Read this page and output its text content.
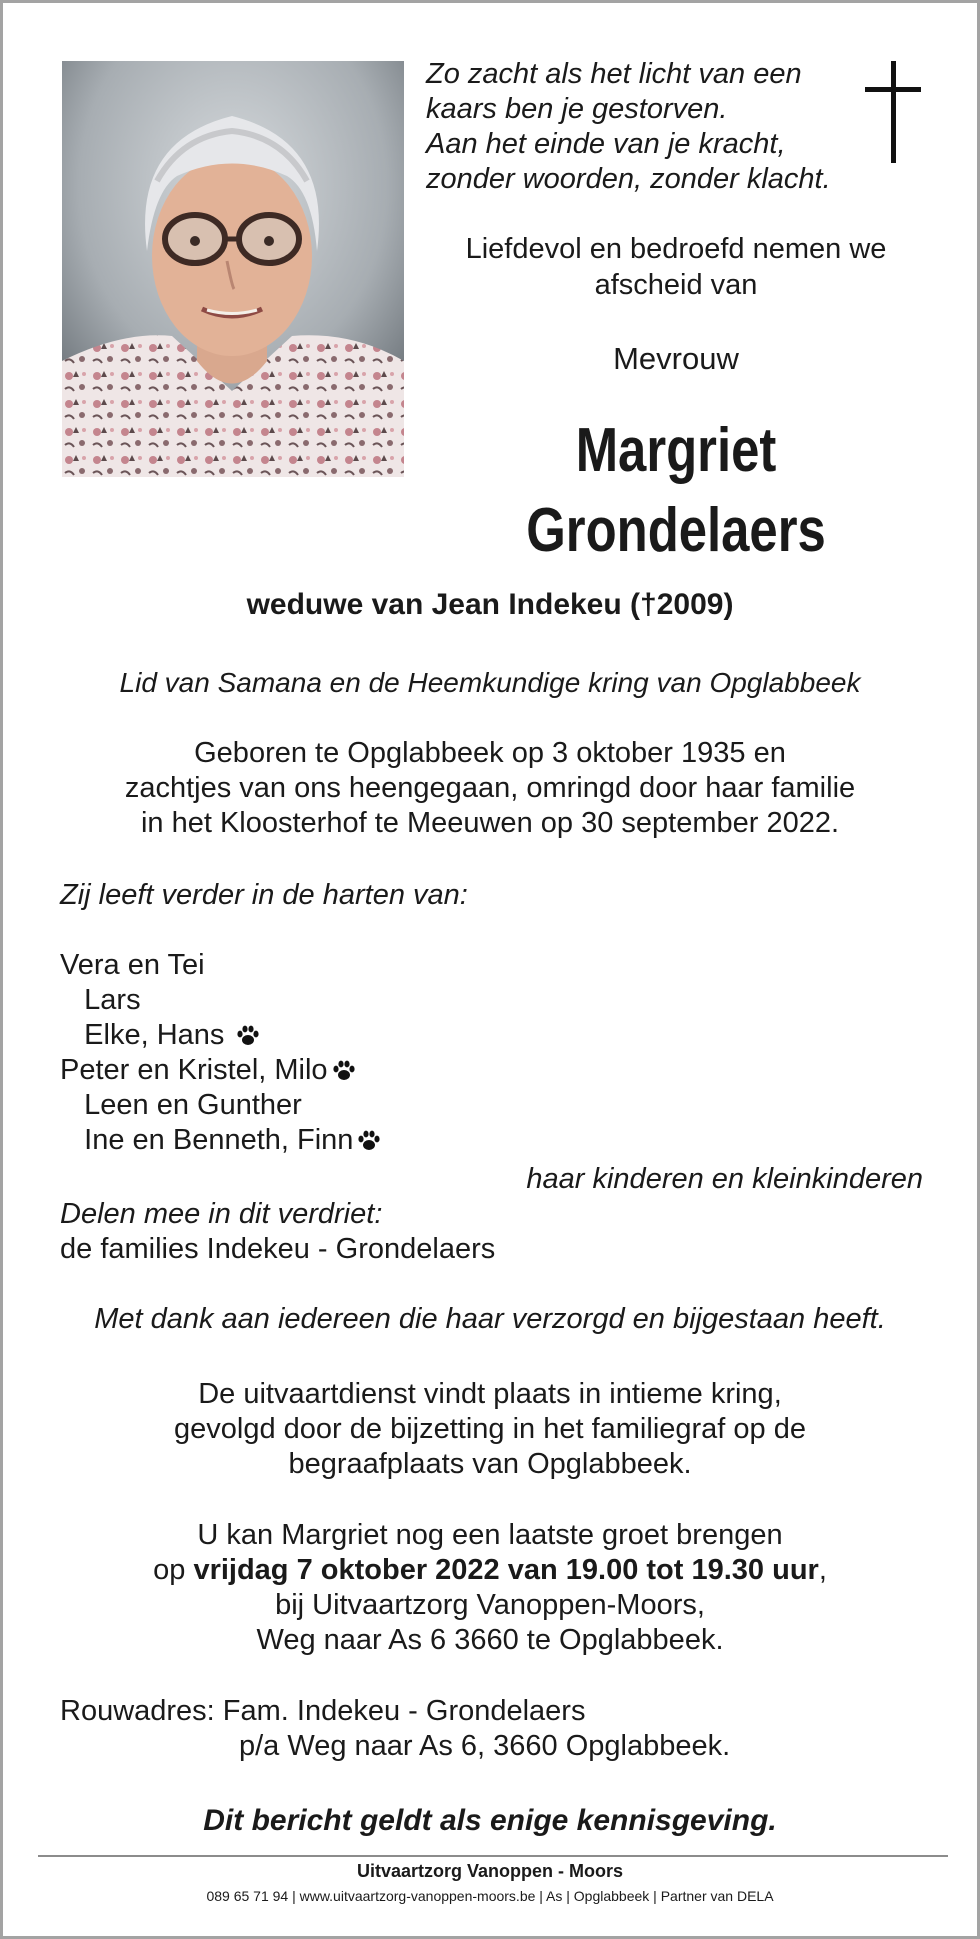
Zo zacht als het licht van een
kaars ben je gestorven.
Aan het einde van je kracht,
zonder woorden, zonder klacht.
Liefdevol en bedroefd nemen we
afscheid van
Mevrouw
Margriet
Grondelaers
weduwe van Jean Indekeu (†2009)
Lid van Samana en de Heemkundige kring van Opglabbeek
Geboren te Opglabbeek op 3 oktober 1935 en
zachtjes van ons heengegaan, omringd door haar familie
in het Kloosterhof te Meeuwen op 30 september 2022.
Zij leeft verder in de harten van:
Vera en Tei
Lars
Elke, Hans
Peter en Kristel, Milo
Leen en Gunther
Ine en Benneth, Finn
haar kinderen en kleinkinderen
Delen mee in dit verdriet:
de families Indekeu - Grondelaers
Met dank aan iedereen die haar verzorgd en bijgestaan heeft.
De uitvaartdienst vindt plaats in intieme kring,
gevolgd door de bijzetting in het familiegraf op de
begraafplaats van Opglabbeek.
U kan Margriet nog een laatste groet brengen
op vrijdag 7 oktober 2022 van 19.00 tot 19.30 uur,
bij Uitvaartzorg Vanoppen-Moors,
Weg naar As 6 3660 te Opglabbeek.
Rouwadres: Fam. Indekeu - Grondelaers
p/a Weg naar As 6, 3660 Opglabbeek.
Dit bericht geldt als enige kennisgeving.
Uitvaartzorg Vanoppen - Moors
089 65 71 94 | www.uitvaartzorg-vanoppen-moors.be | As | Opglabbeek | Partner van DELA
